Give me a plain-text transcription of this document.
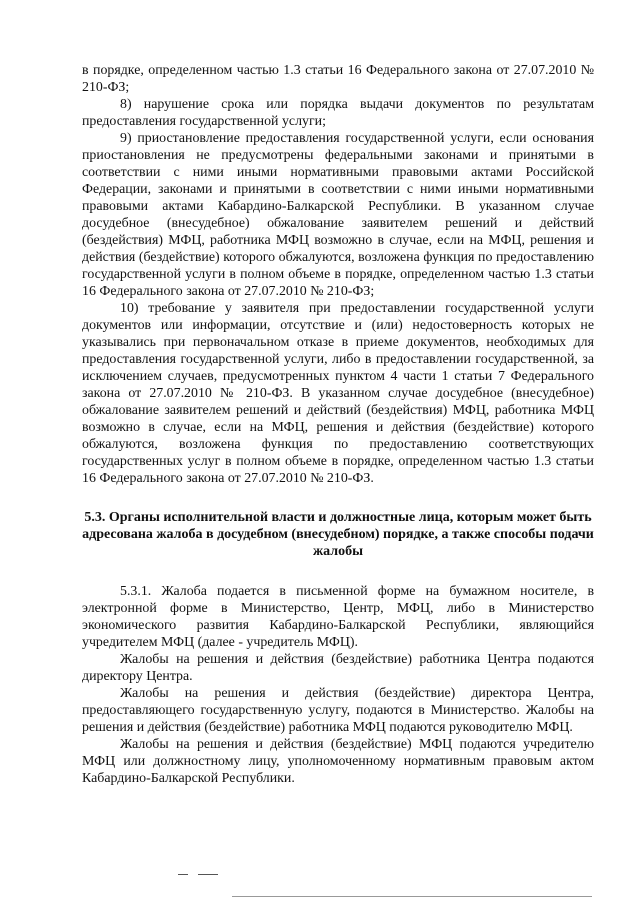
в порядке, определенном частью 1.3 статьи 16 Федерального закона от 27.07.2010 № 210-ФЗ;

8) нарушение срока или порядка выдачи документов по результатам предоставления государственной услуги;

9) приостановление предоставления государственной услуги, если основания приостановления не предусмотрены федеральными законами и принятыми в соответствии с ними иными нормативными правовыми актами Российской Федерации, законами и принятыми в соответствии с ними иными нормативными правовыми актами Кабардино-Балкарской Республики. В указанном случае досудебное (внесудебное) обжалование заявителем решений и действий (бездействия) МФЦ, работника МФЦ возможно в случае, если на МФЦ, решения и действия (бездействие) которого обжалуются, возложена функция по предоставлению государственной услуги в полном объеме в порядке, определенном частью 1.3 статьи 16 Федерального закона от 27.07.2010 № 210-ФЗ;

10) требование у заявителя при предоставлении государственной услуги документов или информации, отсутствие и (или) недостоверность которых не указывались при первоначальном отказе в приеме документов, необходимых для предоставления государственной услуги, либо в предоставлении государственной, за исключением случаев, предусмотренных пунктом 4 части 1 статьи 7 Федерального закона от 27.07.2010 № 210-ФЗ. В указанном случае досудебное (внесудебное) обжалование заявителем решений и действий (бездействия) МФЦ, работника МФЦ возможно в случае, если на МФЦ, решения и действия (бездействие) которого обжалуются, возложена функция по предоставлению соответствующих государственных услуг в полном объеме в порядке, определенном частью 1.3 статьи 16 Федерального закона от 27.07.2010 № 210-ФЗ.

5.3. Органы исполнительной власти и должностные лица, которым может быть адресована жалоба в досудебном (внесудебном) порядке, а также способы подачи жалобы

5.3.1. Жалоба подается в письменной форме на бумажном носителе, в электронной форме в Министерство, Центр, МФЦ, либо в Министерство экономического развития Кабардино-Балкарской Республики, являющийся учредителем МФЦ (далее - учредитель МФЦ).

Жалобы на решения и действия (бездействие) работника Центра подаются директору Центра.

Жалобы на решения и действия (бездействие) директора Центра, предоставляющего государственную услугу, подаются в Министерство. Жалобы на решения и действия (бездействие) работника МФЦ подаются руководителю МФЦ.

Жалобы на решения и действия (бездействие) МФЦ подаются учредителю МФЦ или должностному лицу, уполномоченному нормативным правовым актом Кабардино-Балкарской Республики.
